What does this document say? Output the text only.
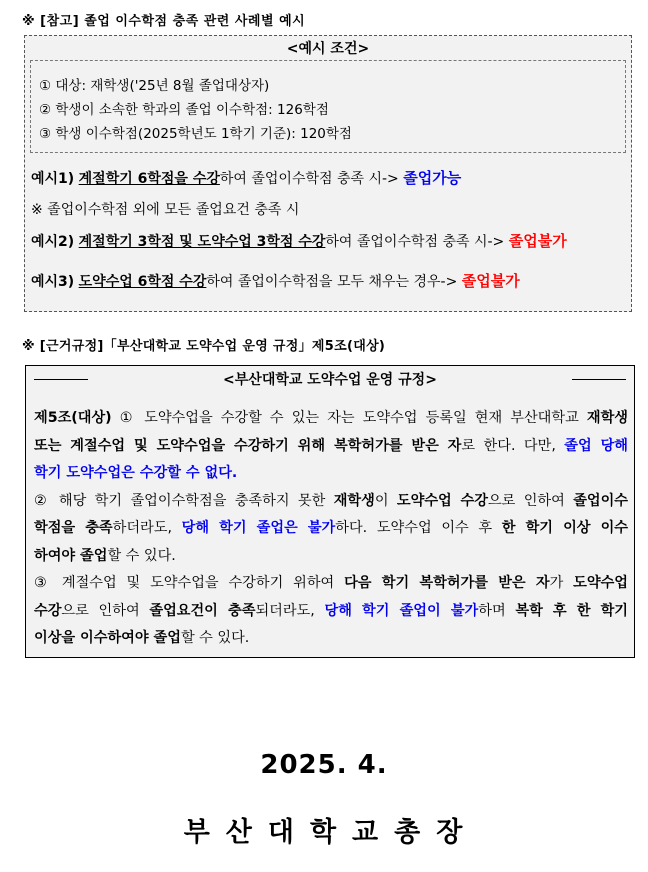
※ [참고] 졸업 이수학점 충족 관련 사례별 예시
<예시 조건>
① 대상: 재학생('25년 8월 졸업대상자)
② 학생이 소속한 학과의 졸업 이수학점: 126학점
③ 학생 이수학점(2025학년도 1학기 기준): 120학점
예시1) 계절학기 6학점을 수강하여 졸업이수학점 충족 시-> 졸업가능
※ 졸업이수학점 외에 모든 졸업요건 충족 시
예시2) 계절학기 3학점 및 도약수업 3학점 수강하여 졸업이수학점 충족 시-> 졸업불가
예시3) 도약수업 6학점 수강하여 졸업이수학점을 모두 채우는 경우-> 졸업불가
※ [근거규정]「부산대학교 도약수업 운영 규정」제5조(대상)
<부산대학교 도약수업 운영 규정>
제5조(대상) ① 도약수업을 수강할 수 있는 자는 도약수업 등록일 현재 부산대학교 재학생
또는 계절수업 및 도약수업을 수강하기 위해 복학허가를 받은 자로 한다. 다만, 졸업 당해
학기 도약수업은 수강할 수 없다.
② 해당 학기 졸업이수학점을 충족하지 못한 재학생이 도약수업 수강으로 인하여 졸업이수
학점을 충족하더라도, 당해 학기 졸업은 불가하다. 도약수업 이수 후 한 학기 이상 이수
하여야 졸업할 수 있다.
③ 계절수업 및 도약수업을 수강하기 위하여 다음 학기 복학허가를 받은 자가 도약수업
수강으로 인하여 졸업요건이 충족되더라도, 당해 학기 졸업이 불가하며 복학 후 한 학기
이상을 이수하여야 졸업할 수 있다.
2025. 4.
부산대학교총장
